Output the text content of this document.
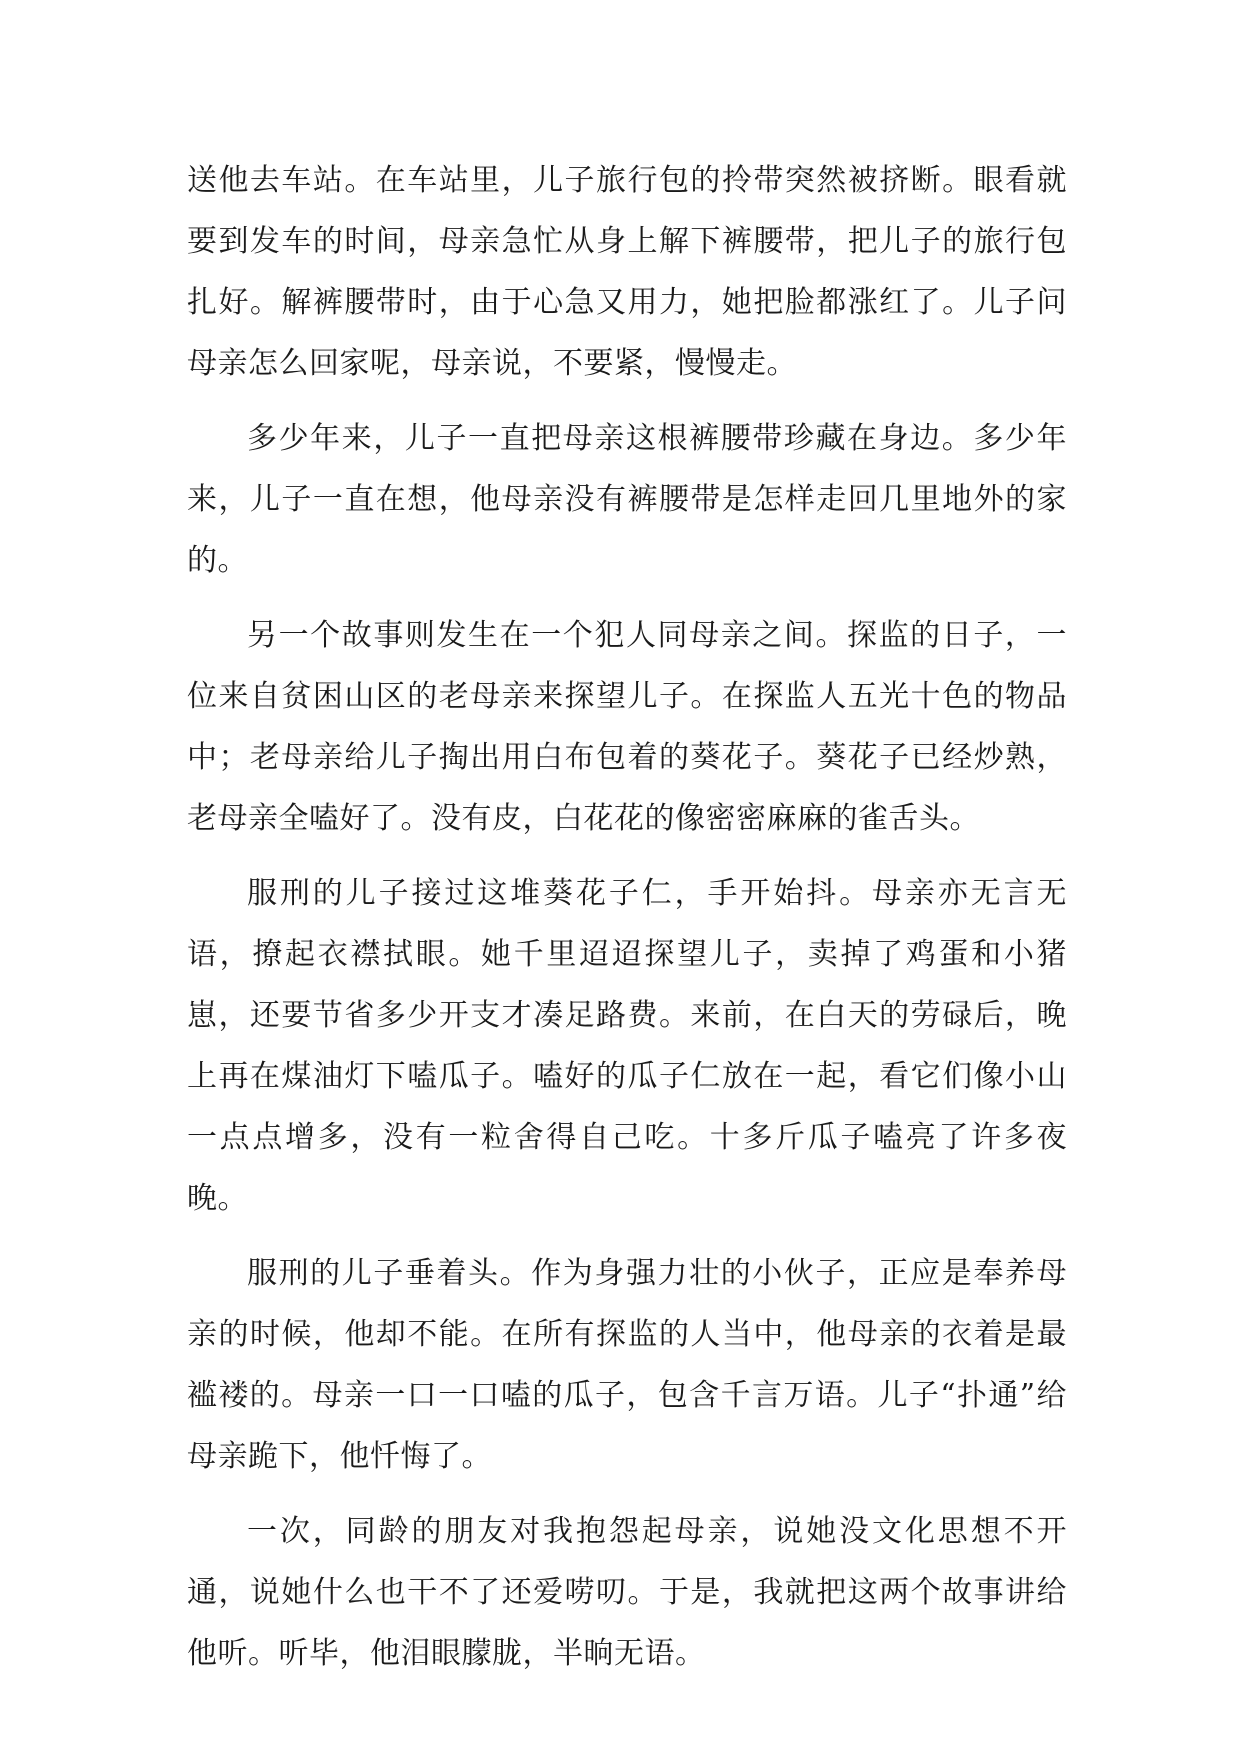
送他去车站。在车站里，儿子旅行包的拎带突然被挤断。眼看就要到发车的时间，母亲急忙从身上解下裤腰带，把儿子的旅行包扎好。解裤腰带时，由于心急又用力，她把脸都涨红了。儿子问母亲怎么回家呢，母亲说，不要紧，慢慢走。

多少年来，儿子一直把母亲这根裤腰带珍藏在身边。多少年来，儿子一直在想，他母亲没有裤腰带是怎样走回几里地外的家的。

另一个故事则发生在一个犯人同母亲之间。探监的日子，一位来自贫困山区的老母亲来探望儿子。在探监人五光十色的物品中；老母亲给儿子掏出用白布包着的葵花子。葵花子已经炒熟，老母亲全嗑好了。没有皮，白花花的像密密麻麻的雀舌头。

服刑的儿子接过这堆葵花子仁，手开始抖。母亲亦无言无语，撩起衣襟拭眼。她千里迢迢探望儿子，卖掉了鸡蛋和小猪崽，还要节省多少开支才凑足路费。来前，在白天的劳碌后，晚上再在煤油灯下嗑瓜子。嗑好的瓜子仁放在一起，看它们像小山一点点增多，没有一粒舍得自己吃。十多斤瓜子嗑亮了许多夜晚。

服刑的儿子垂着头。作为身强力壮的小伙子，正应是奉养母亲的时候，他却不能。在所有探监的人当中，他母亲的衣着是最褴褛的。母亲一口一口嗑的瓜子，包含千言万语。儿子“扑通”给母亲跪下，他忏悔了。

一次，同龄的朋友对我抱怨起母亲，说她没文化思想不开通，说她什么也干不了还爱唠叨。于是，我就把这两个故事讲给他听。听毕，他泪眼朦胧，半晌无语。
